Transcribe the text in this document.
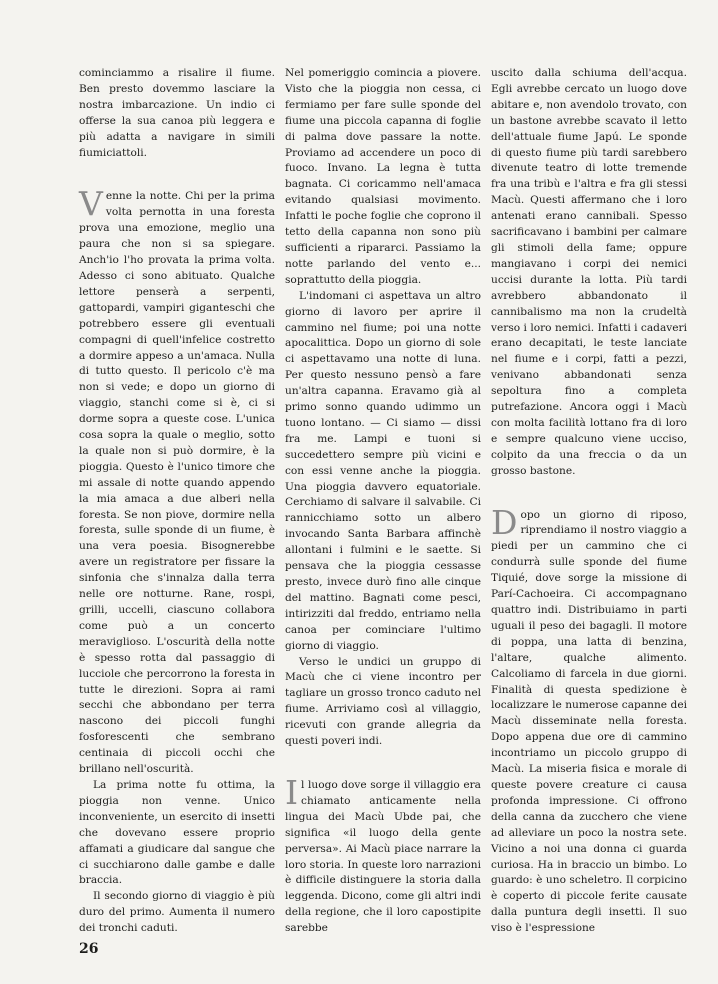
cominciammo a risalire il fiume. Ben presto dovemmo lasciare la nostra imbarcazione. Un indio ci offerse la sua canoa più leggera e più adatta a navigare in simili fiumiciattoli.

Venne la notte. Chi per la prima volta pernotta in una foresta prova una emozione, meglio una paura che non si sa spiegare. Anch'io l'ho provata la prima volta. Adesso ci sono abituato. Qualche lettore penserà a serpenti, gattopardi, vampiri giganteschi che potrebbero essere gli eventuali compagni di quell'infelice costretto a dormire appeso a un'amaca. Nulla di tutto questo. Il pericolo c'è ma non si vede; e dopo un giorno di viaggio, stanchi come si è, ci si dorme sopra a queste cose. L'unica cosa sopra la quale o meglio, sotto la quale non si può dormire, è la pioggia. Questo è l'unico timore che mi assale di notte quando appendo la mia amaca a due alberi nella foresta. Se non piove, dormire nella foresta, sulle sponde di un fiume, è una vera poesia. Bisognerebbe avere un registratore per fissare la sinfonia che s'innalza dalla terra nelle ore notturne. Rane, rospi, grilli, uccelli, ciascuno collabora come può a un concerto meraviglioso. L'oscurità della notte è spesso rotta dal passaggio di lucciole che percorrono la foresta in tutte le direzioni. Sopra ai rami secchi che abbondano per terra nascono dei piccoli funghi fosforescenti che sembrano centinaia di piccoli occhi che brillano nell'oscurità.

La prima notte fu ottima, la pioggia non venne. Unico inconveniente, un esercito di insetti che dovevano essere proprio affamati a giudicare dal sangue che ci succhiarono dalle gambe e dalle braccia.

Il secondo giorno di viaggio è più duro del primo. Aumenta il numero dei tronchi caduti.

Nel pomeriggio comincia a piovere. Visto che la pioggia non cessa, ci fermiamo per fare sulle sponde del fiume una piccola capanna di foglie di palma dove passare la notte. Proviamo ad accendere un poco di fuoco. Invano. La legna è tutta bagnata. Ci coricammo nell'amaca evitando qualsiasi movimento. Infatti le poche foglie che coprono il tetto della capanna non sono più sufficienti a ripararci. Passiamo la notte parlando del vento e... soprattutto della pioggia.

L'indomani ci aspettava un altro giorno di lavoro per aprire il cammino nel fiume; poi una notte apocalittica. Dopo un giorno di sole ci aspettavamo una notte di luna. Per questo nessuno pensò a fare un'altra capanna. Eravamo già al primo sonno quando udimmo un tuono lontano. — Ci siamo — dissi fra me. Lampi e tuoni si succedettero sempre più vicini e con essi venne anche la pioggia. Una pioggia davvero equatoriale. Cerchiamo di salvare il salvabile. Ci rannicchiamo sotto un albero invocando Santa Barbara affinchè allontani i fulmini e le saette. Si pensava che la pioggia cessasse presto, invece durò fino alle cinque del mattino. Bagnati come pesci, intirizziti dal freddo, entriamo nella canoa per cominciare l'ultimo giorno di viaggio.

Verso le undici un gruppo di Macù che ci viene incontro per tagliare un grosso tronco caduto nel fiume. Arriviamo così al villaggio, ricevuti con grande allegria da questi poveri indi.

Il luogo dove sorge il villaggio era chiamato anticamente nella lingua dei Macù Ubde pai, che significa «il luogo della gente perversa». Ai Macù piace narrare la loro storia. In queste loro narrazioni è difficile distinguere la storia dalla leggenda. Dicono, come gli altri indi della regione, che il loro capostipite sarebbe

uscito dalla schiuma dell'acqua. Egli avrebbe cercato un luogo dove abitare e, non avendolo trovato, con un bastone avrebbe scavato il letto dell'attuale fiume Japú. Le sponde di questo fiume più tardi sarebbero divenute teatro di lotte tremende fra una tribù e l'altra e fra gli stessi Macù. Questi affermano che i loro antenati erano cannibali. Spesso sacrificavano i bambini per calmare gli stimoli della fame; oppure mangiavano i corpi dei nemici uccisi durante la lotta. Più tardi avrebbero abbandonato il cannibalismo ma non la crudeltà verso i loro nemici. Infatti i cadaveri erano decapitati, le teste lanciate nel fiume e i corpi, fatti a pezzi, venivano abbandonati senza sepoltura fino a completa putrefazione. Ancora oggi i Macù con molta facilità lottano fra di loro e sempre qualcuno viene ucciso, colpito da una freccia o da un grosso bastone.

Dopo un giorno di riposo, riprendiamo il nostro viaggio a piedi per un cammino che ci condurrà sulle sponde del fiume Tiquié, dove sorge la missione di Parí-Cachoeira. Ci accompagnano quattro indi. Distribuiamo in parti uguali il peso dei bagagli. Il motore di poppa, una latta di benzina, l'altare, qualche alimento. Calcoliamo di farcela in due giorni. Finalità di questa spedizione è localizzare le numerose capanne dei Macù disseminate nella foresta. Dopo appena due ore di cammino incontriamo un piccolo gruppo di Macù. La miseria fisica e morale di queste povere creature ci causa profonda impressione. Ci offrono della canna da zucchero che viene ad alleviare un poco la nostra sete. Vicino a noi una donna ci guarda curiosa. Ha in braccio un bimbo. Lo guardo: è uno scheletro. Il corpicino è coperto di piccole ferite causate dalla puntura degli insetti. Il suo viso è l'espressione

26
